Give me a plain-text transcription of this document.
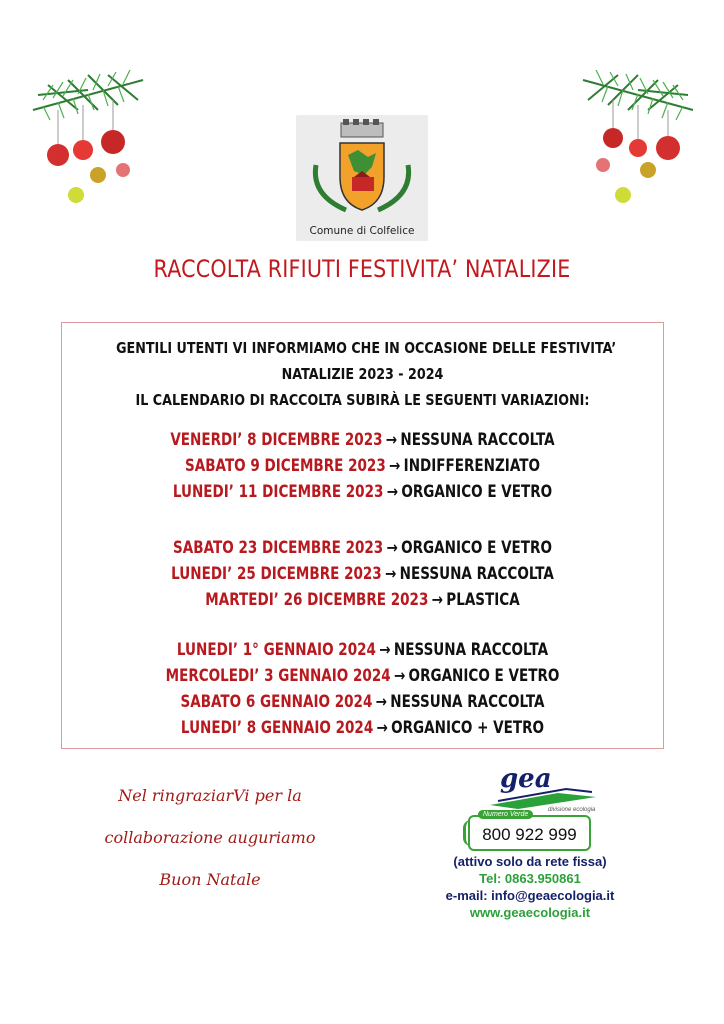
Comune di Colfelice
RACCOLTA RIFIUTI FESTIVITA’ NATALIZIE
GENTILI UTENTI VI INFORMIAMO CHE IN OCCASIONE DELLE FESTIVITA’
NATALIZIE 2023 - 2024
IL CALENDARIO DI RACCOLTA SUBIRÀ LE SEGUENTI VARIAZIONI:
VENERDI’ 8 DICEMBRE 2023 → NESSUNA RACCOLTA
SABATO 9 DICEMBRE 2023 → INDIFFERENZIATO
LUNEDI’ 11 DICEMBRE 2023 → ORGANICO E VETRO
SABATO 23 DICEMBRE 2023 → ORGANICO E VETRO
LUNEDI’ 25 DICEMBRE 2023 → NESSUNA RACCOLTA
MARTEDI’ 26 DICEMBRE 2023 → PLASTICA
LUNEDI’ 1° GENNAIO 2024 → NESSUNA RACCOLTA
MERCOLEDI’ 3 GENNAIO 2024 → ORGANICO E VETRO
SABATO 6 GENNAIO 2024 → NESSUNA RACCOLTA
LUNEDI’ 8 GENNAIO 2024 → ORGANICO + VETRO
Nel ringraziarVi per la
collaborazione auguriamo
Buon Natale
gea
divisione ecologia
Numero Verde
800 922 999
(attivo solo da rete fissa)
Tel: 0863.950861
e-mail: info@geaecologia.it
www.geaecologia.it
